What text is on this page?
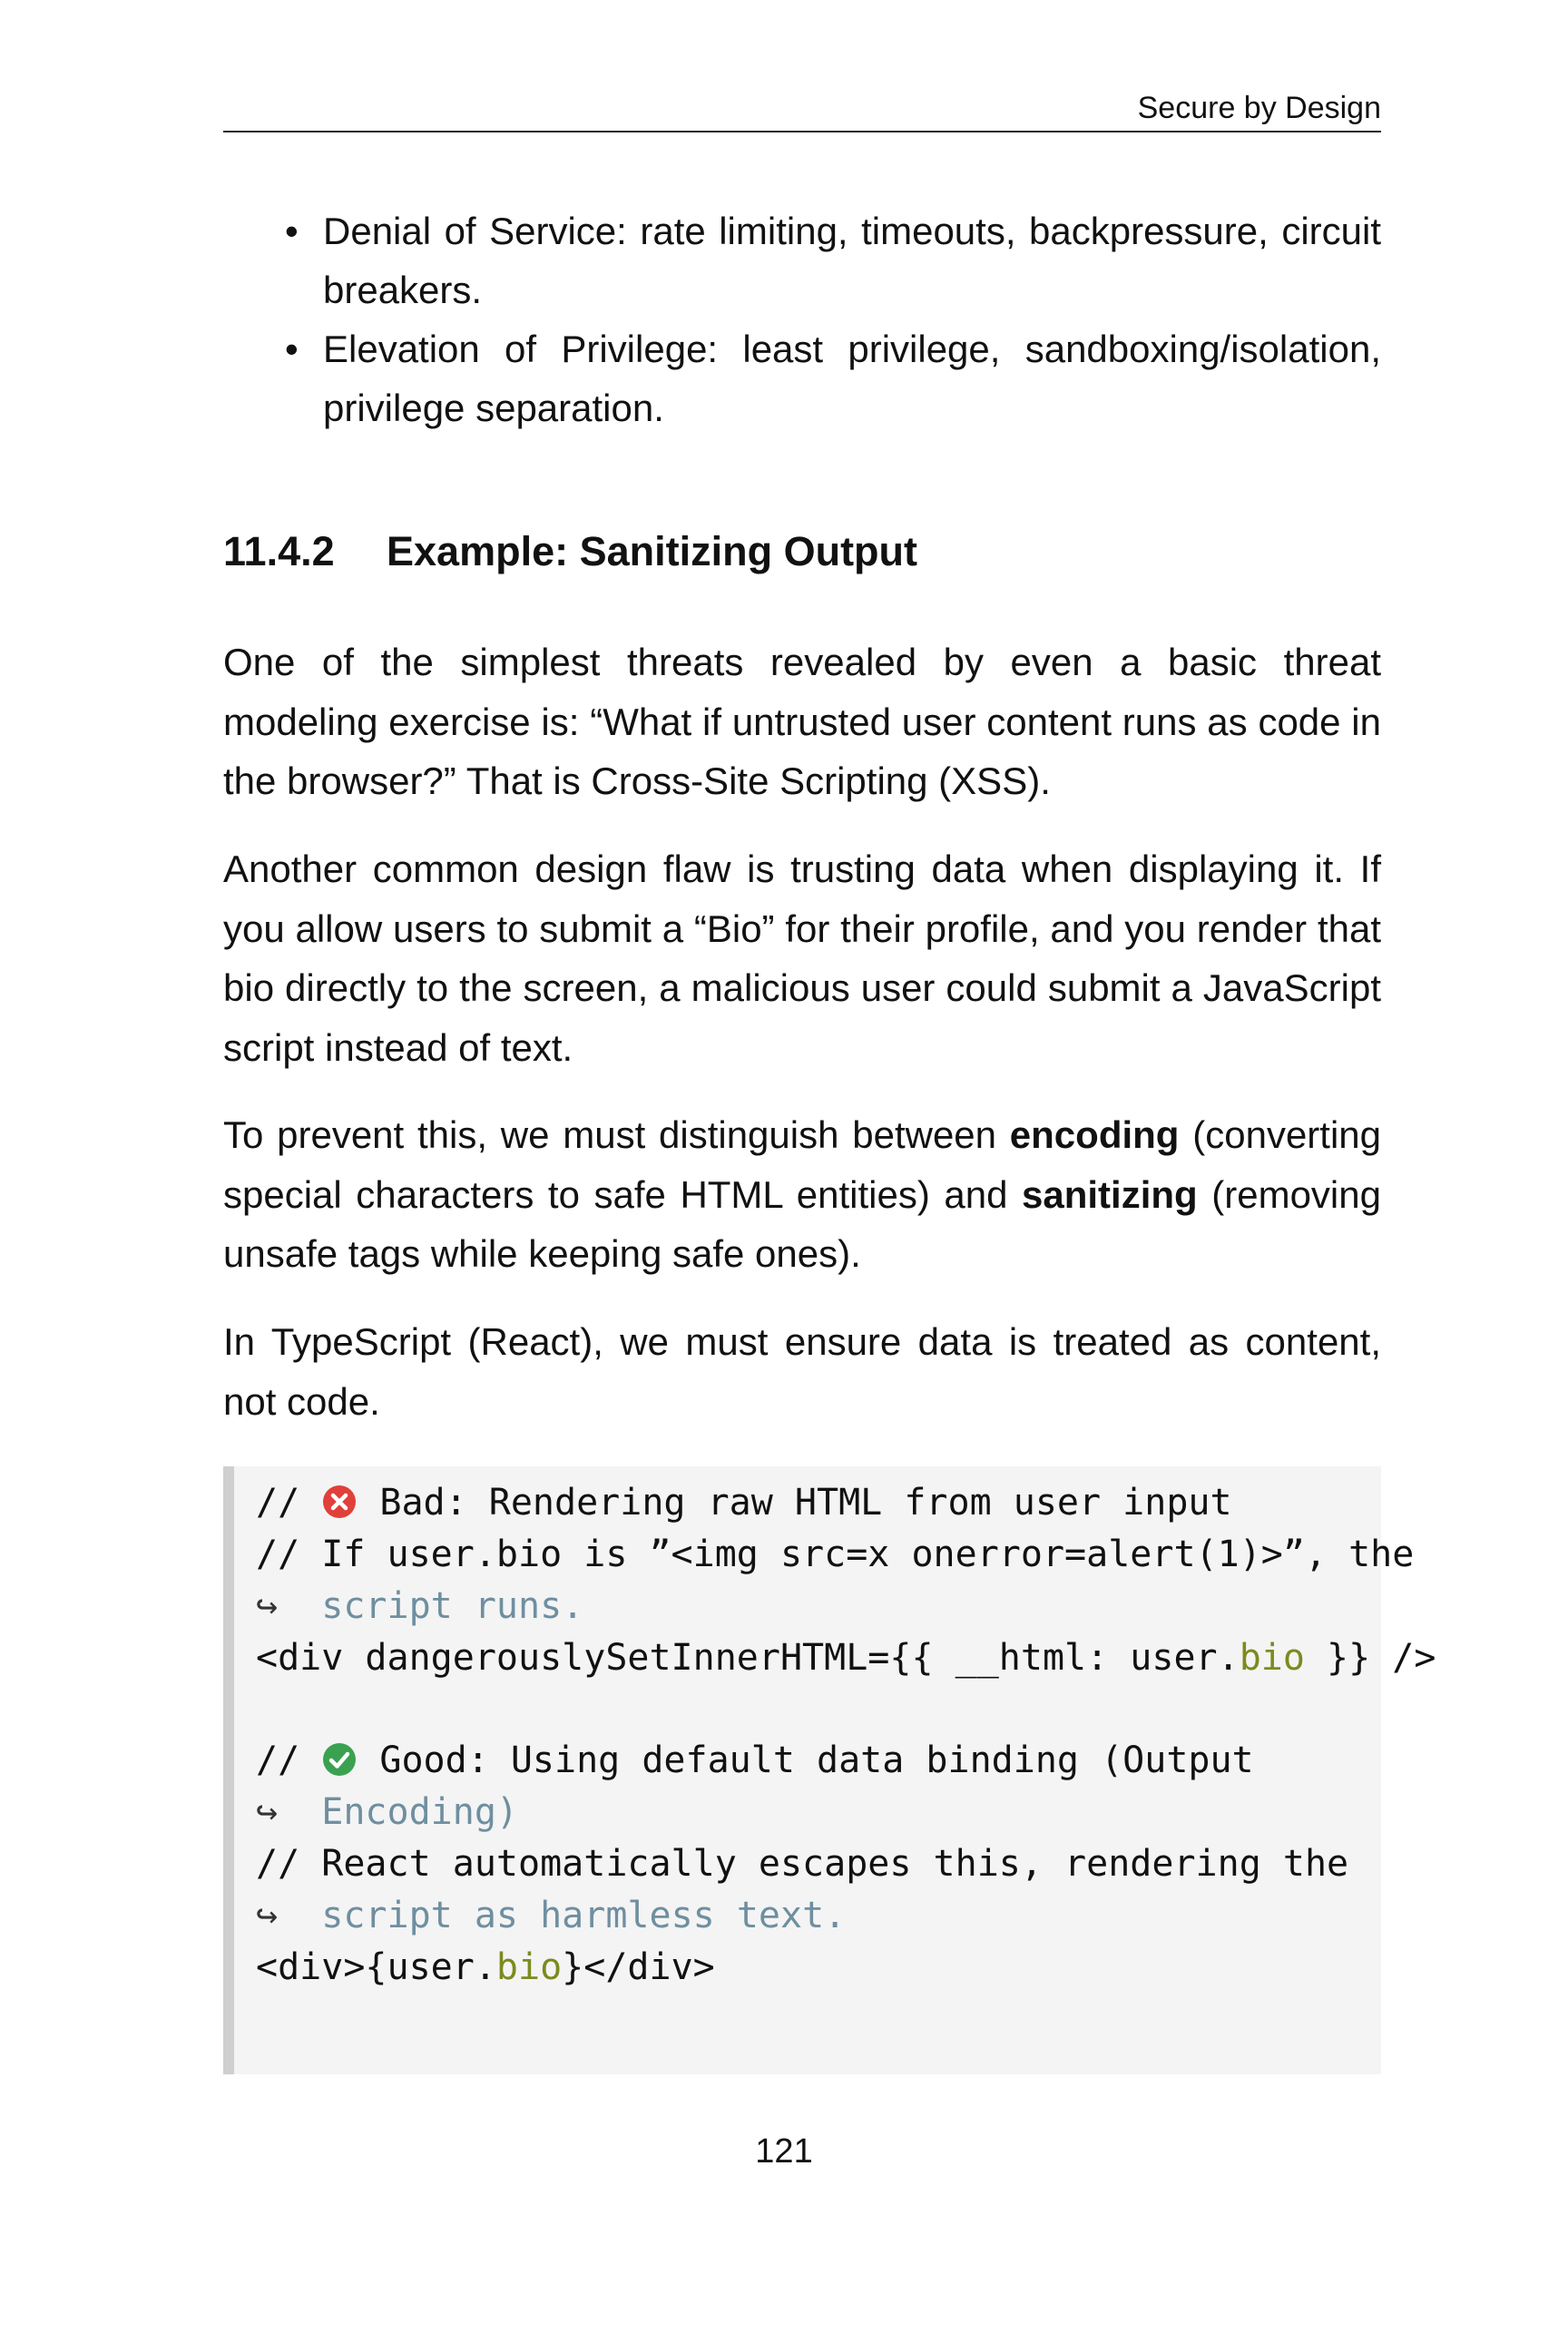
Secure by Design
• Denial of Service: rate limiting, timeouts, backpressure, circuit breakers.
• Elevation of Privilege: least privilege, sandboxing/isolation, privilege separation.
11.4.2 Example: Sanitizing Output

One of the simplest threats revealed by even a basic threat modeling exercise is: “What if untrusted user content runs as code in the browser?” That is Cross-Site Scripting (XSS).

Another common design flaw is trusting data when displaying it. If you allow users to submit a “Bio” for their profile, and you render that bio directly to the screen, a malicious user could submit a JavaScript script instead of text.

To prevent this, we must distinguish between encoding (converting special characters to safe HTML entities) and sanitizing (removing unsafe tags while keeping safe ones).

In TypeScript (React), we must ensure data is treated as content, not code.

// Bad: Rendering raw HTML from user input
// If user.bio is ”<img src=x onerror=alert(1)>”, the
↪ script runs.
<div dangerouslySetInnerHTML={{ __html: user.bio }} />
// Good: Using default data binding (Output
↪ Encoding)
// React automatically escapes this, rendering the
↪ script as harmless text.
<div>{user.bio}</div>
121
